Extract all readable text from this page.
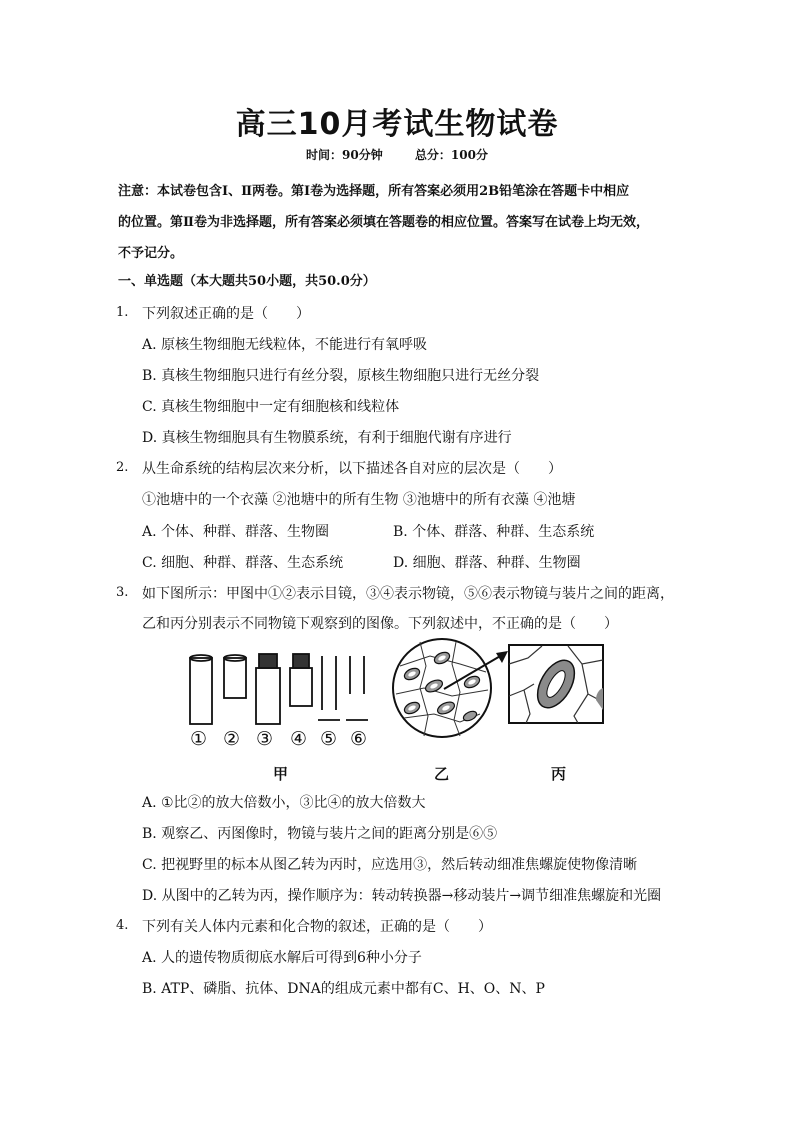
高三10月考试生物试卷
时间：90分钟	总分：100分
注意：本试卷包含Ⅰ、Ⅱ两卷。第Ⅰ卷为选择题，所有答案必须用2B铅笔涂在答题卡中相应
的位置。第Ⅱ卷为非选择题，所有答案必须填在答题卷的相应位置。答案写在试卷上均无效，
不予记分。
一、单选题（本大题共50小题，共50.0分）
1. 下列叙述正确的是（　　）
A. 原核生物细胞无线粒体，不能进行有氧呼吸
B. 真核生物细胞只进行有丝分裂，原核生物细胞只进行无丝分裂
C. 真核生物细胞中一定有细胞核和线粒体
D. 真核生物细胞具有生物膜系统，有利于细胞代谢有序进行
2. 从生命系统的结构层次来分析，以下描述各自对应的层次是（　　）
①池塘中的一个衣藻 ②池塘中的所有生物 ③池塘中的所有衣藻 ④池塘
A. 个体、种群、群落、生物圈	B. 个体、群落、种群、生态系统
C. 细胞、种群、群落、生态系统	D. 细胞、群落、种群、生物圈
3. 如下图所示：甲图中①②表示目镜，③④表示物镜，⑤⑥表示物镜与装片之间的距离，
乙和丙分别表示不同物镜下观察到的图像。下列叙述中，不正确的是（　　）
① ② ③ ④ ⑤ ⑥
甲	乙	丙
A. ①比②的放大倍数小，③比④的放大倍数大
B. 观察乙、丙图像时，物镜与装片之间的距离分别是⑥⑤
C. 把视野里的标本从图乙转为丙时，应选用③，然后转动细准焦螺旋使物像清晰
D. 从图中的乙转为丙，操作顺序为：转动转换器→移动装片→调节细准焦螺旋和光圈
4. 下列有关人体内元素和化合物的叙述，正确的是（　　）
A. 人的遗传物质彻底水解后可得到6种小分子
B. ATP、磷脂、抗体、DNA的组成元素中都有C、H、O、N、P
